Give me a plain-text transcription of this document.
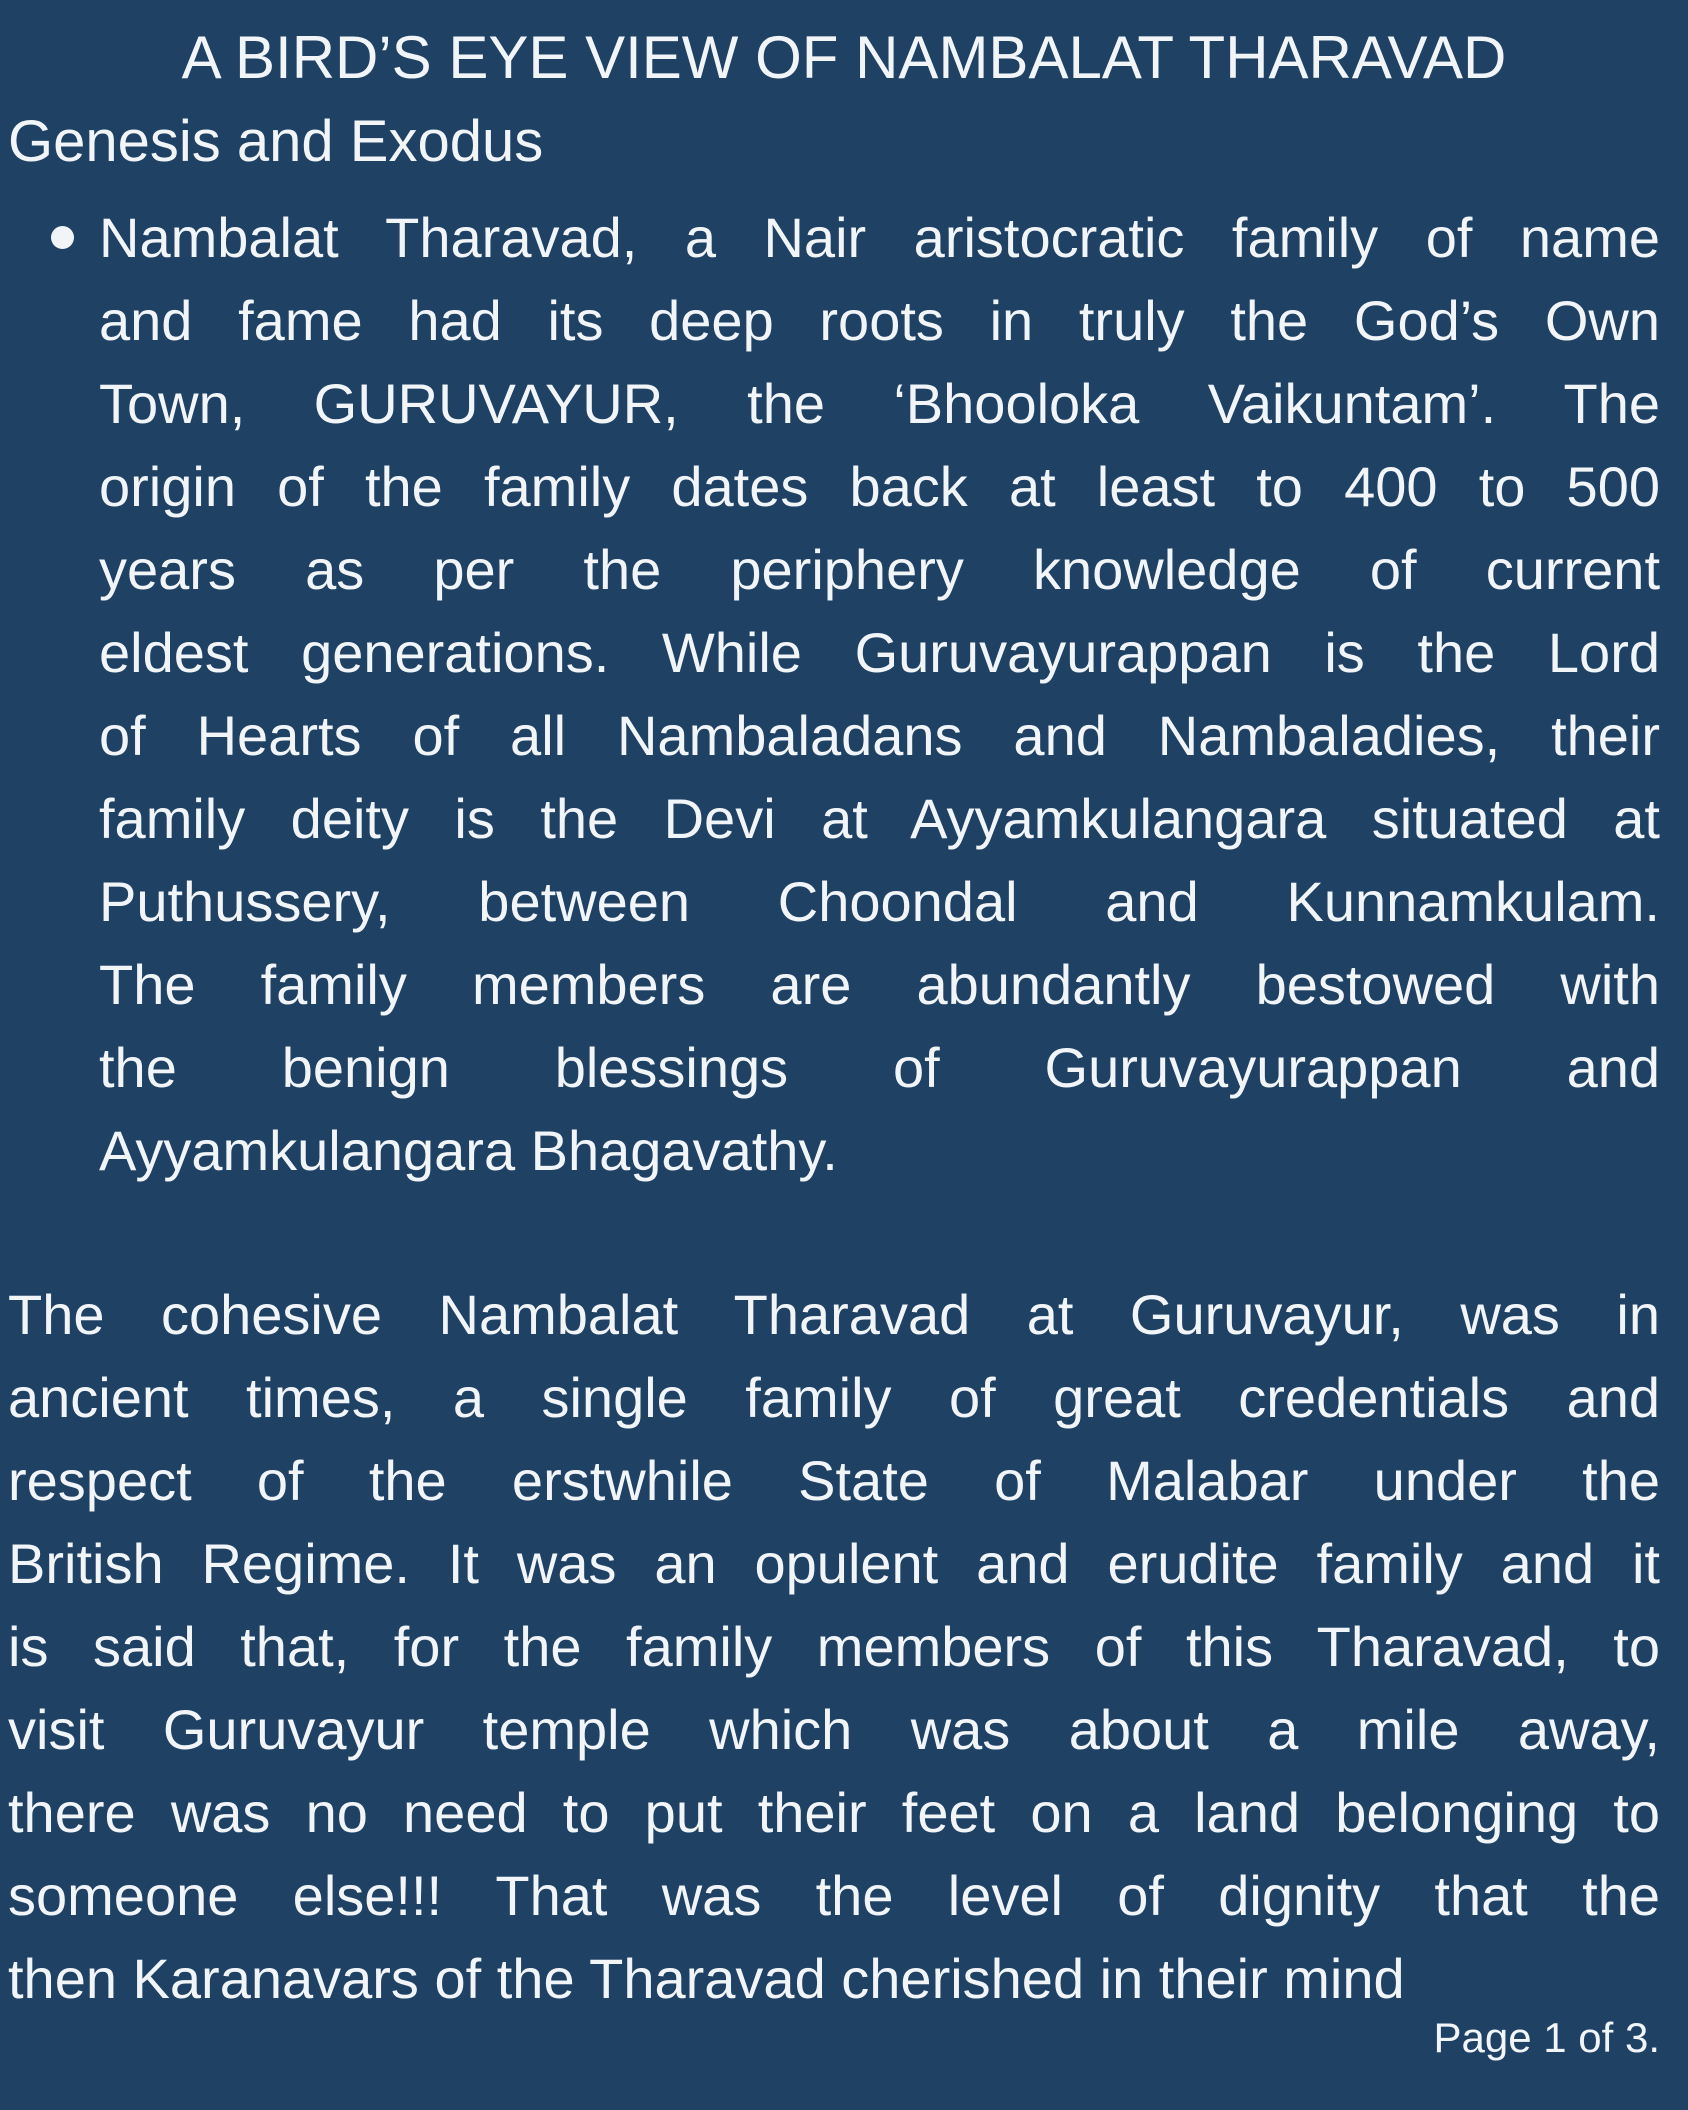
A BIRD’S EYE VIEW OF NAMBALAT THARAVAD
Genesis and Exodus
Nambalat Tharavad, a Nair aristocratic family of name
and fame had its deep roots in truly the God’s Own
Town, GURUVAYUR, the ‘Bhooloka Vaikuntam’. The
origin of the family dates back at least to 400 to 500
years as per the periphery knowledge of current
eldest generations. While Guruvayurappan is the Lord
of Hearts of all Nambaladans and Nambaladies, their
family deity is the Devi at Ayyamkulangara situated at
Puthussery, between Choondal and Kunnamkulam.
The family members are abundantly bestowed with
the benign blessings of Guruvayurappan and
Ayyamkulangara Bhagavathy.
The cohesive Nambalat Tharavad at Guruvayur, was in
ancient times, a single family of great credentials and
respect of the erstwhile State of Malabar under the
British Regime. It was an opulent and erudite family and it
is said that, for the family members of this Tharavad, to
visit Guruvayur temple which was about a mile away,
there was no need to put their feet on a land belonging to
someone else!!! That was the level of dignity that the
then Karanavars of the Tharavad cherished in their mind
Page 1 of 3.
